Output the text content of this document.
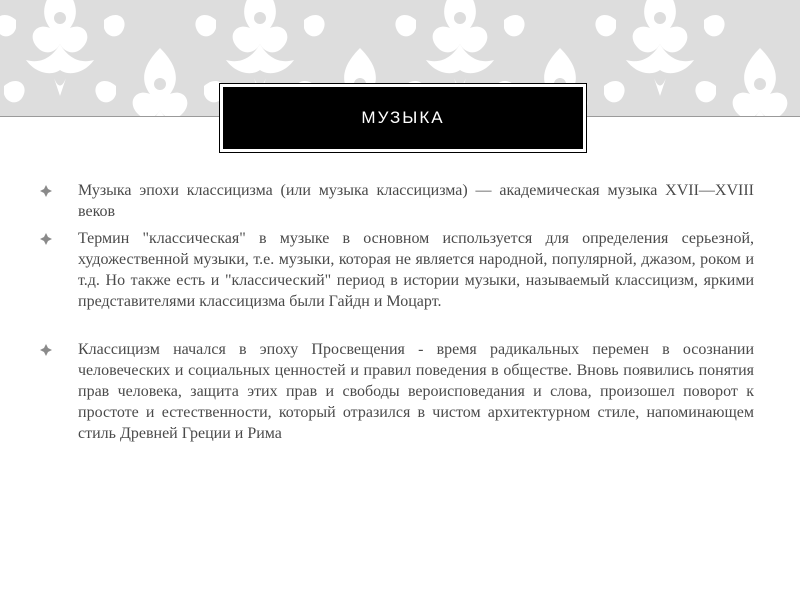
МУЗЫКА

Музыка эпохи классицизма (или музыка классицизма) — академическая музыка XVII—XVIII веков

Термин "классическая" в музыке в основном используется для определения серьезной, художественной музыки, т.е. музыки, которая не является народной, популярной, джазом, роком и т.д. Но также есть и "классический" период в истории музыки, называемый классицизм, яркими представителями классицизма были Гайдн и Моцарт.

Классицизм начался в эпоху Просвещения - время радикальных перемен в осознании человеческих и социальных ценностей и правил поведения в обществе. Вновь появились понятия прав человека, защита этих прав и свободы вероисповедания и слова, произошел поворот к простоте и естественности, который отразился в чистом архитектурном стиле, напоминающем стиль Древней Греции и Рима
